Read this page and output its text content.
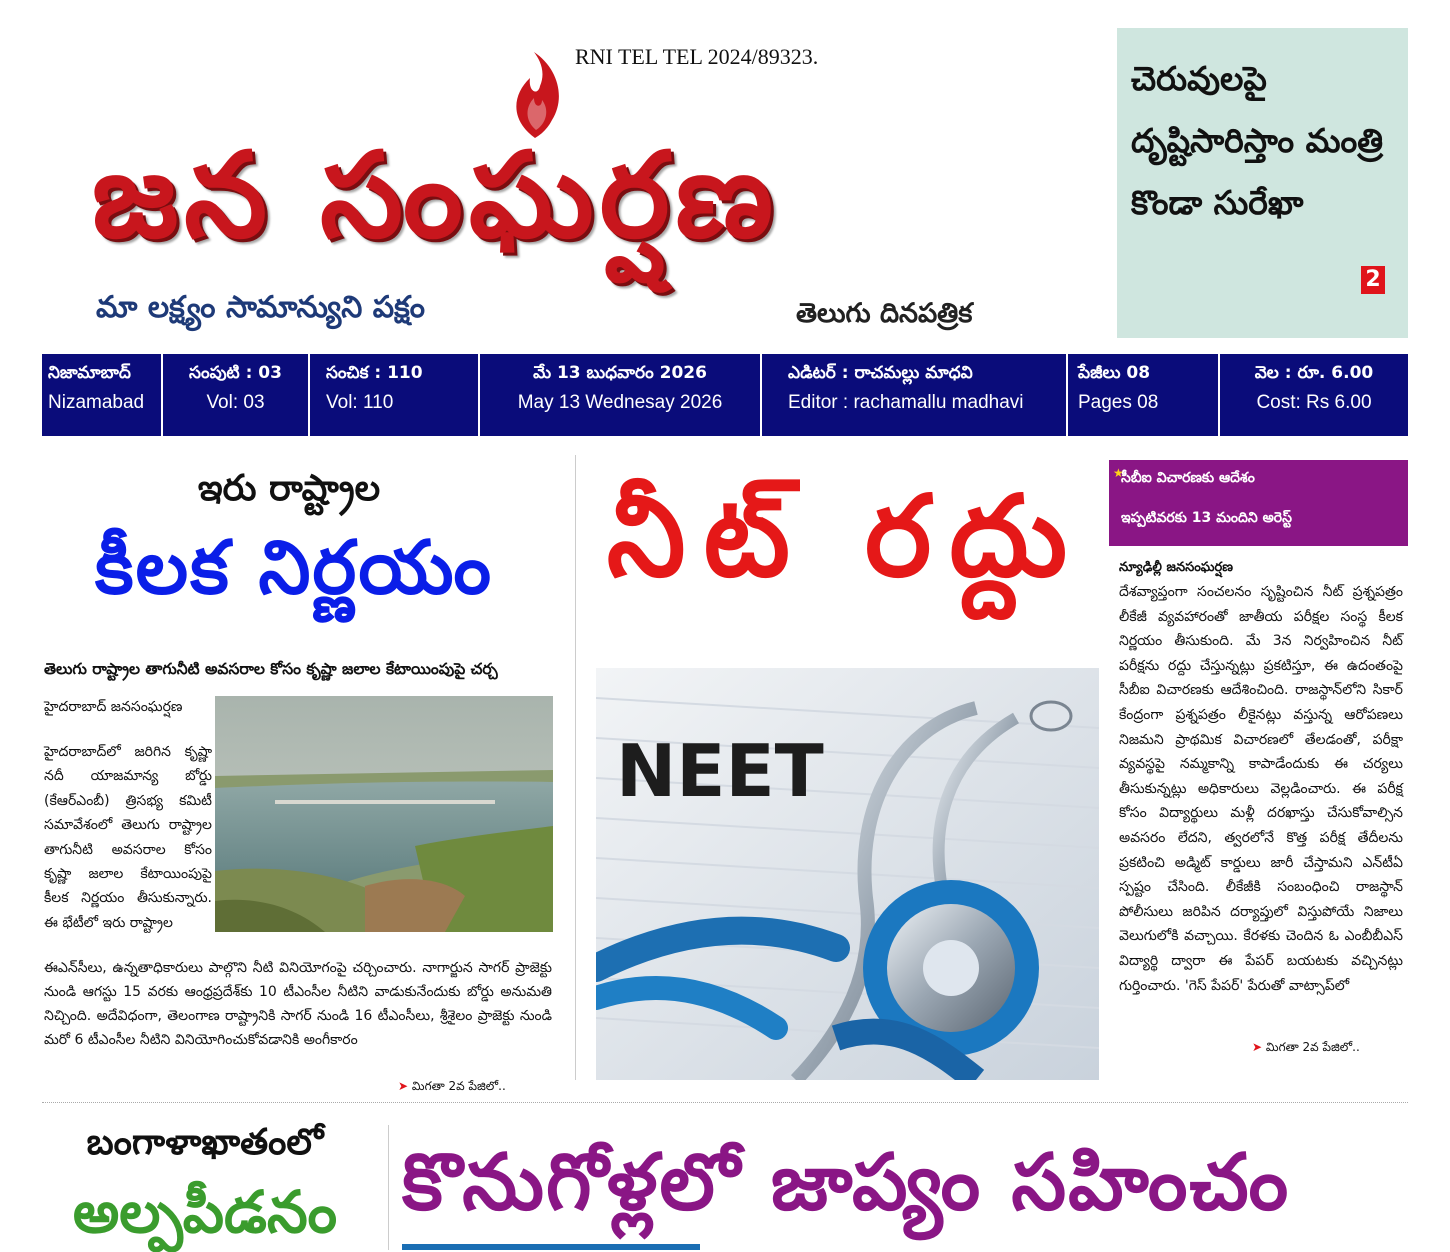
RNI TEL TEL 2024/89323.
జన సంఘర్షణ
మా లక్ష్యం సామాన్యుని పక్షం	తెలుగు దినపత్రిక
చెరువులపై దృష్టిసారిస్తాం మంత్రి కొండా సురేఖా
2
నిజామాబాద్
Nizamabad
సంపుటి : 03
Vol: 03
సంచిక : 110
Vol: 110
మే 13 బుధవారం 2026
May 13 Wednesay 2026
ఎడిటర్ : రాచమల్లు మాధవి
Editor : rachamallu madhavi
పేజీలు 08
Pages 08
వెల : రూ. 6.00
Cost: Rs 6.00
ఇరు రాష్ట్రాల
కీలక నిర్ణయం
తెలుగు రాష్ట్రాల తాగునీటి అవసరాల కోసం కృష్ణా జలాల కేటాయింపుపై చర్చ
హైదరాబాద్ జనసంఘర్షణ
హైదరాబాద్‌లో జరిగిన కృష్ణా నదీ యాజమాన్య బోర్డు (కేఆర్‌ఎంబీ) త్రిసభ్య కమిటీ సమావేశంలో తెలుగు రాష్ట్రాల తాగునీటి అవసరాల కోసం కృష్ణా జలాల కేటాయింపుపై కీలక నిర్ణయం తీసుకున్నారు. ఈ భేటీలో ఇరు రాష్ట్రాల
ఈఎన్‌సీలు, ఉన్నతాధికారులు పాల్గొని నీటి వినియోగంపై చర్చించారు. నాగార్జున సాగర్ ప్రాజెక్టు నుండి ఆగస్టు 15 వరకు ఆంధ్రప్రదేశ్‌కు 10 టీఎంసీల నీటిని వాడుకునేందుకు బోర్డు అనుమతి నిచ్చింది. అదేవిధంగా, తెలంగాణ రాష్ట్రానికి సాగర్ నుండి 16 టీఎంసీలు, శ్రీశైలం ప్రాజెక్టు నుండి మరో 6 టీఎంసీల నీటిని వినియోగించుకోవడానికి అంగీకారం
➤ మిగతా 2వ పేజిలో..
నీట్ రద్దు
NEET
★
సీబీఐ విచారణకు ఆదేశం
ఇప్పటివరకు 13 మందిని అరెస్ట్
న్యూఢిల్లీ జనసంఘర్షణ
దేశవ్యాప్తంగా సంచలనం సృష్టించిన నీట్ ప్రశ్నపత్రం లీకేజీ వ్యవహారంతో జాతీయ పరీక్షల సంస్థ కీలక నిర్ణయం తీసుకుంది. మే 3న నిర్వహించిన నీట్ పరీక్షను రద్దు చేస్తున్నట్లు ప్రకటిస్తూ, ఈ ఉదంతంపై సీబీఐ విచారణకు ఆదేశించింది. రాజస్థాన్‌లోని సికార్ కేంద్రంగా ప్రశ్నపత్రం లీకైనట్లు వస్తున్న ఆరోపణలు నిజమని ప్రాథమిక విచారణలో తేలడంతో, పరీక్షా వ్యవస్థపై నమ్మకాన్ని కాపాడేందుకు ఈ చర్యలు తీసుకున్నట్లు అధికారులు వెల్లడించారు. ఈ పరీక్ష కోసం విద్యార్థులు మళ్లీ దరఖాస్తు చేసుకోవాల్సిన అవసరం లేదని, త్వరలోనే కొత్త పరీక్ష తేదీలను ప్రకటించి అడ్మిట్ కార్డులు జారీ చేస్తామని ఎన్‌టీఏ స్పష్టం చేసింది. లీకేజీకి సంబంధించి రాజస్థాన్ పోలీసులు జరిపిన దర్యాప్తులో విస్తుపోయే నిజాలు వెలుగులోకి వచ్చాయి. కేరళకు చెందిన ఓ ఎంబీబీఎస్ విద్యార్థి ద్వారా ఈ పేపర్ బయటకు వచ్చినట్లు గుర్తించారు. 'గెస్ పేపర్' పేరుతో వాట్సాప్‌లో
➤ మిగతా 2వ పేజిలో..
బంగాళాఖాతంలో
అల్పపీడనం కొనుగోళ్లలో జాప్యం సహించం
